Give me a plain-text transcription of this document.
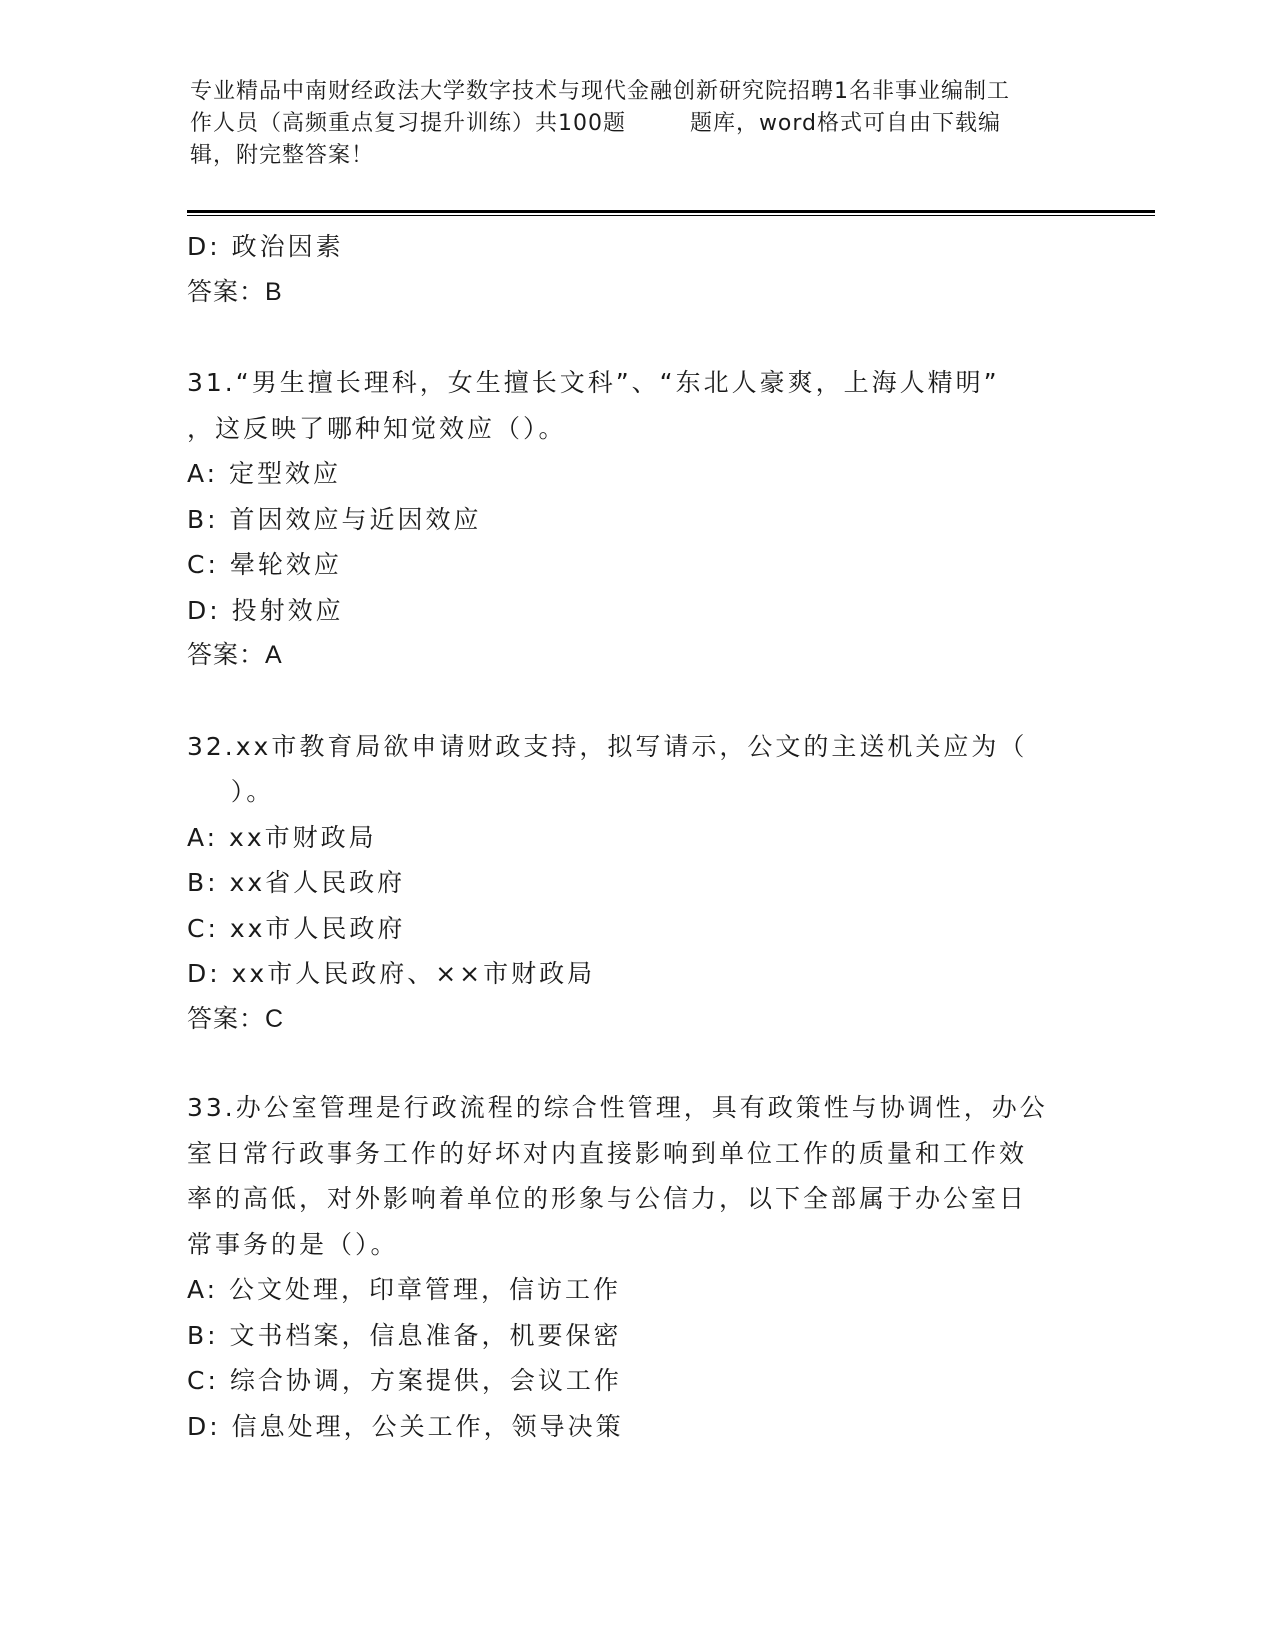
专业精品中南财经政法大学数字技术与现代金融创新研究院招聘1名非事业编制工
作人员（高频重点复习提升训练）共100题        题库，word格式可自由下载编
辑，附完整答案！
D: 政治因素
答案：B
31.“男生擅长理科，女生擅长文科”、“东北人豪爽，上海人精明”
，这反映了哪种知觉效应（）。
A: 定型效应
B: 首因效应与近因效应
C: 晕轮效应
D: 投射效应
答案：A
32.xx市教育局欲申请财政支持，拟写请示，公文的主送机关应为（
）。
A: xx市财政局
B: xx省人民政府
C: xx市人民政府
D: xx市人民政府、××市财政局
答案：C
33.办公室管理是行政流程的综合性管理，具有政策性与协调性，办公
室日常行政事务工作的好坏对内直接影响到单位工作的质量和工作效
率的高低，对外影响着单位的形象与公信力，以下全部属于办公室日
常事务的是（）。
A: 公文处理，印章管理，信访工作
B: 文书档案，信息准备，机要保密
C: 综合协调，方案提供，会议工作
D: 信息处理，公关工作，领导决策
